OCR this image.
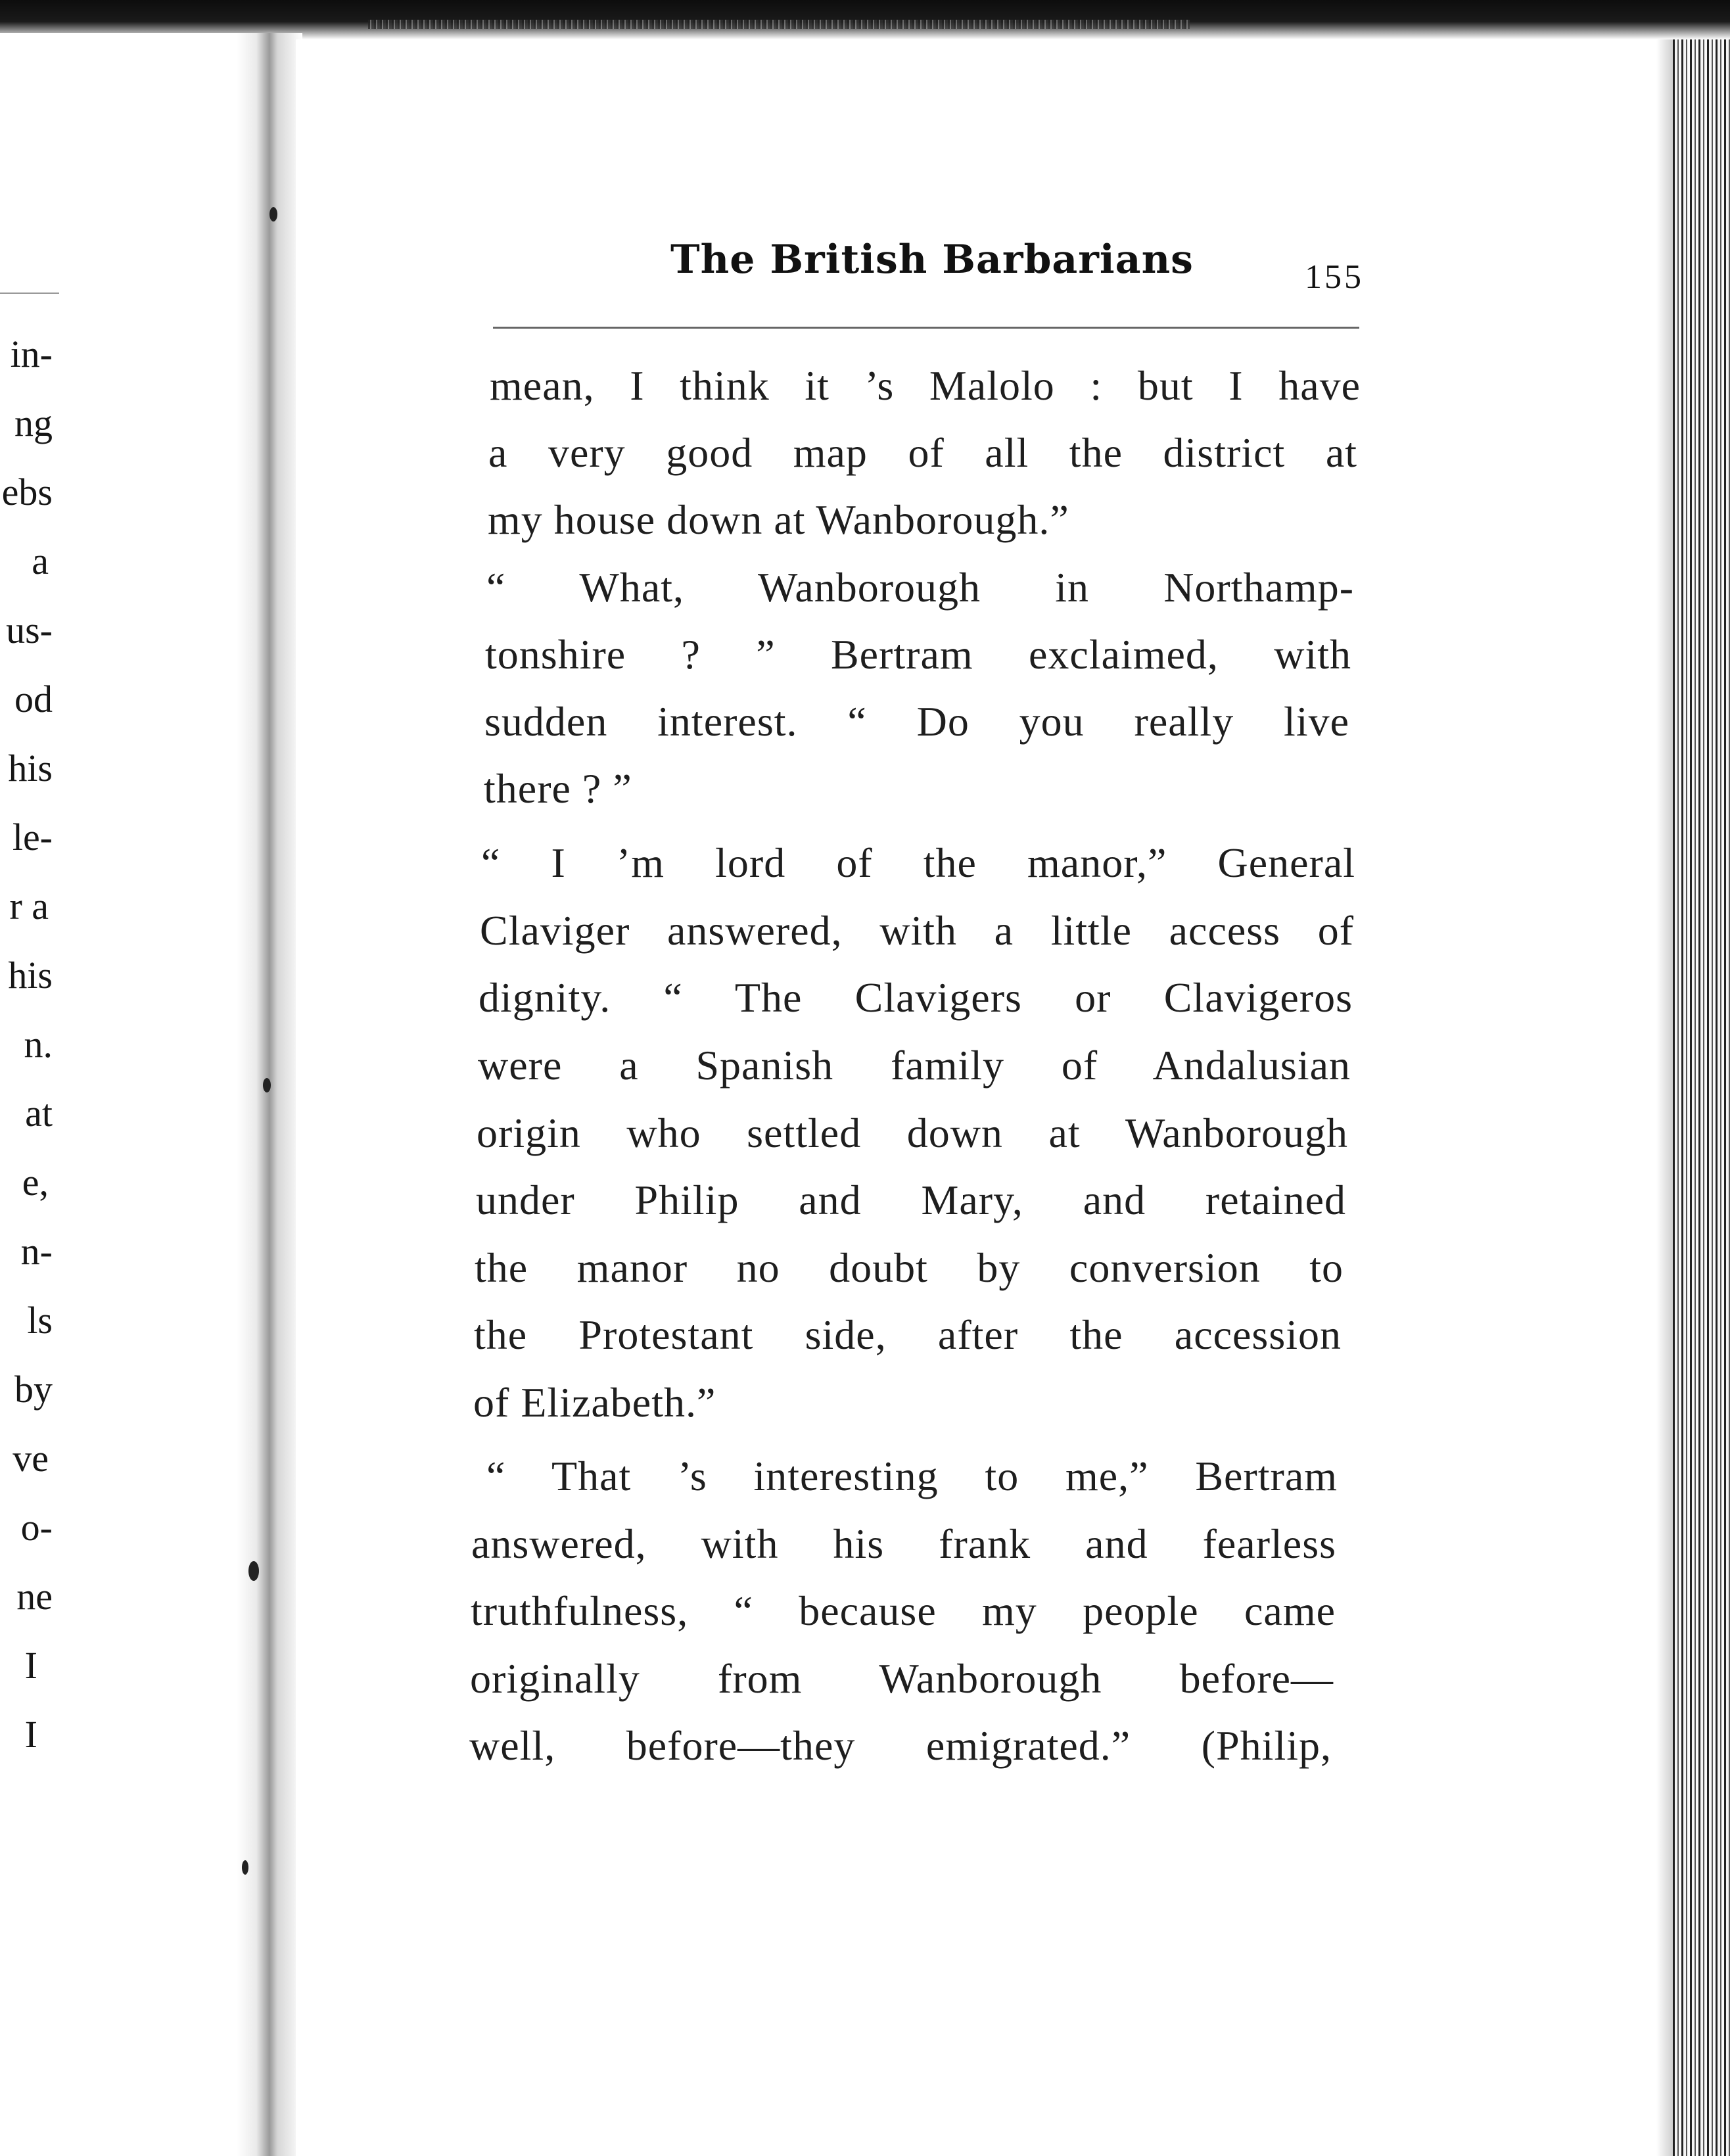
in-
ng
ebs
a
us-
od
his
le-
r a
his
n.
at
e,
n-
ls
by
ve
o-
ne
I
I
The British Barbarians	155
mean, I think it ’s Malolo : but I have
a very good map of all the district at
my house down at Wanborough.”
“ What, Wanborough in Northamp-
tonshire ? ” Bertram exclaimed, with
sudden interest. “ Do you really live
there ? ”
“ I ’m lord of the manor,” General
Claviger answered, with a little access of
dignity. “ The Clavigers or Clavigeros
were a Spanish family of Andalusian
origin who settled down at Wanborough
under Philip and Mary, and retained
the manor no doubt by conversion to
the Protestant side, after the accession
of Elizabeth.”
“ That ’s interesting to me,” Bertram
answered, with his frank and fearless
truthfulness, “ because my people came
originally from Wanborough before—
well, before—they emigrated.” (Philip,
